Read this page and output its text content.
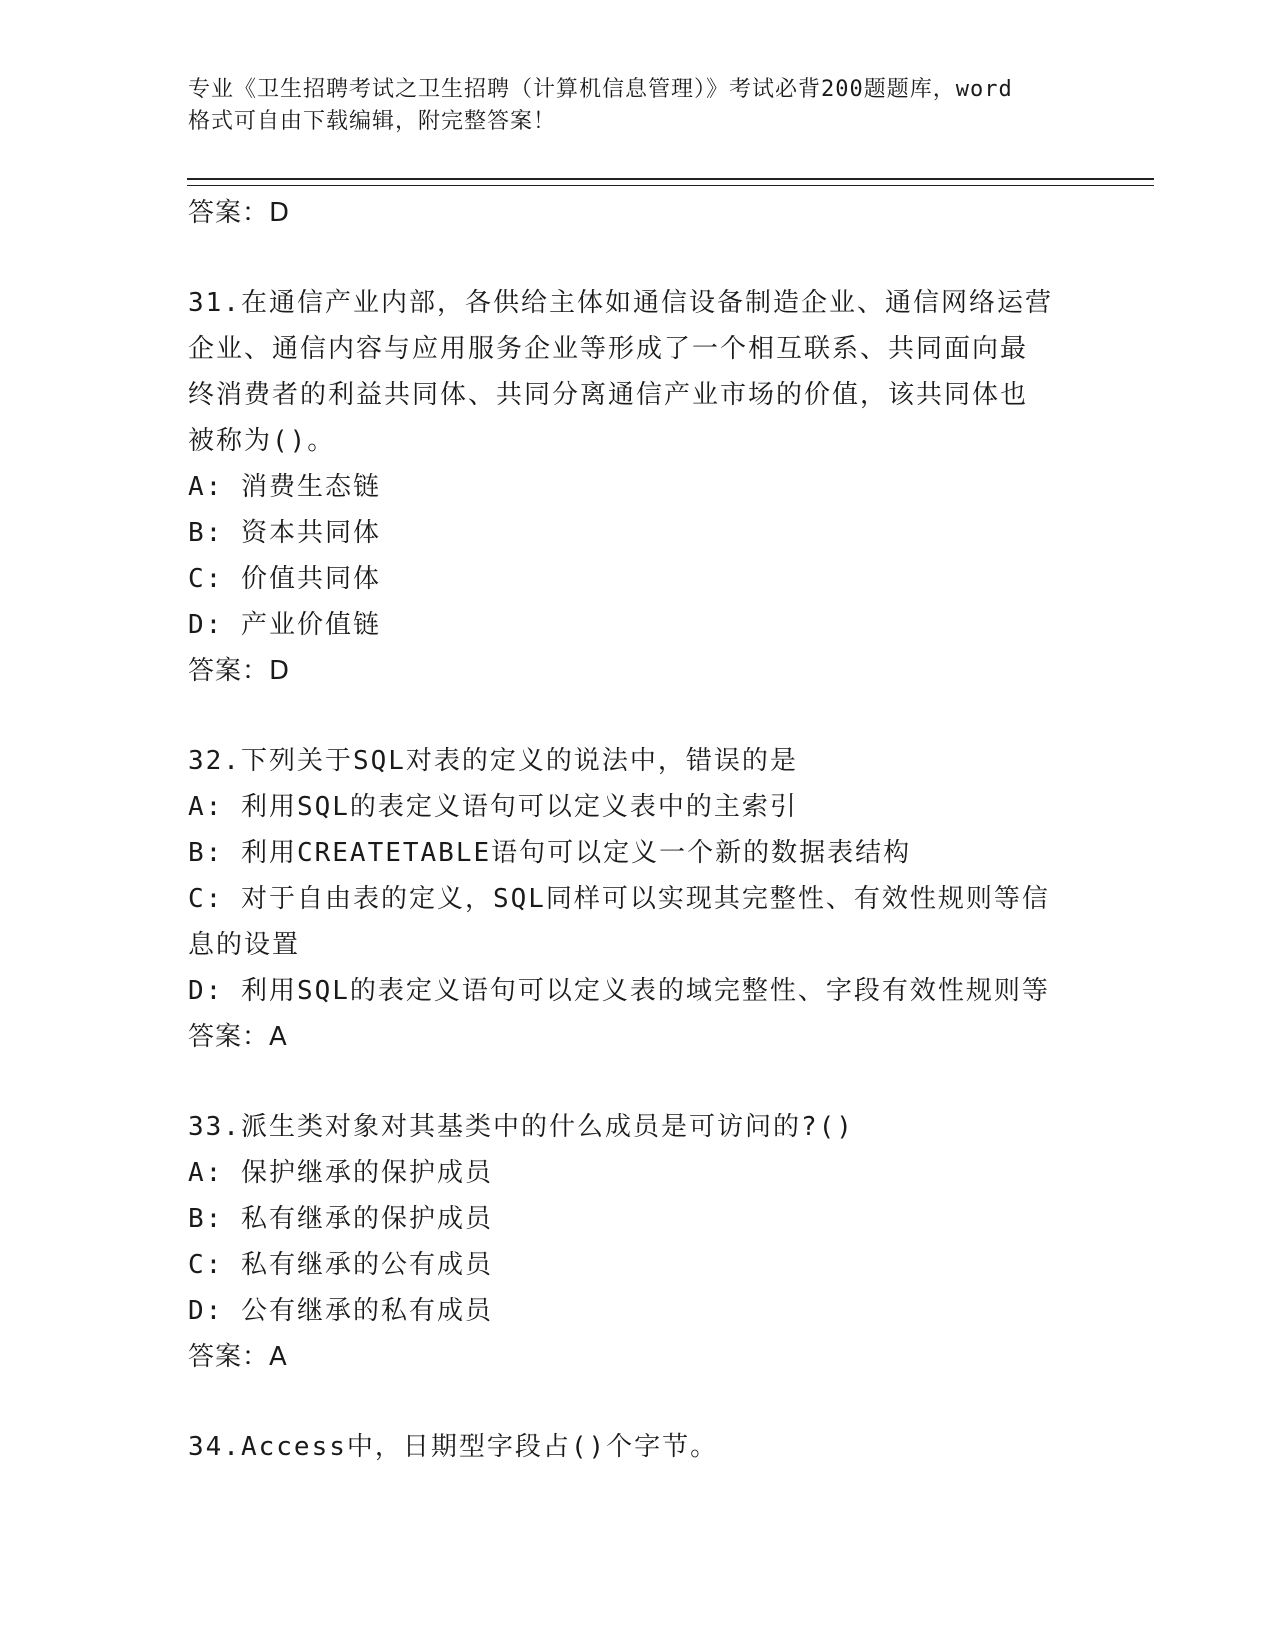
专业《卫生招聘考试之卫生招聘（计算机信息管理）》考试必背200题题库，word
格式可自由下载编辑，附完整答案！
答案：D
31.在通信产业内部，各供给主体如通信设备制造企业、通信网络运营
企业、通信内容与应用服务企业等形成了一个相互联系、共同面向最
终消费者的利益共同体、共同分离通信产业市场的价值，该共同体也
被称为()。
A: 消费生态链
B: 资本共同体
C: 价值共同体
D: 产业价值链
答案：D
32.下列关于SQL对表的定义的说法中，错误的是
A: 利用SQL的表定义语句可以定义表中的主索引
B: 利用CREATETABLE语句可以定义一个新的数据表结构
C: 对于自由表的定义，SQL同样可以实现其完整性、有效性规则等信
息的设置
D: 利用SQL的表定义语句可以定义表的域完整性、字段有效性规则等
答案：A
33.派生类对象对其基类中的什么成员是可访问的?()
A: 保护继承的保护成员
B: 私有继承的保护成员
C: 私有继承的公有成员
D: 公有继承的私有成员
答案：A
34.Access中，日期型字段占()个字节。
